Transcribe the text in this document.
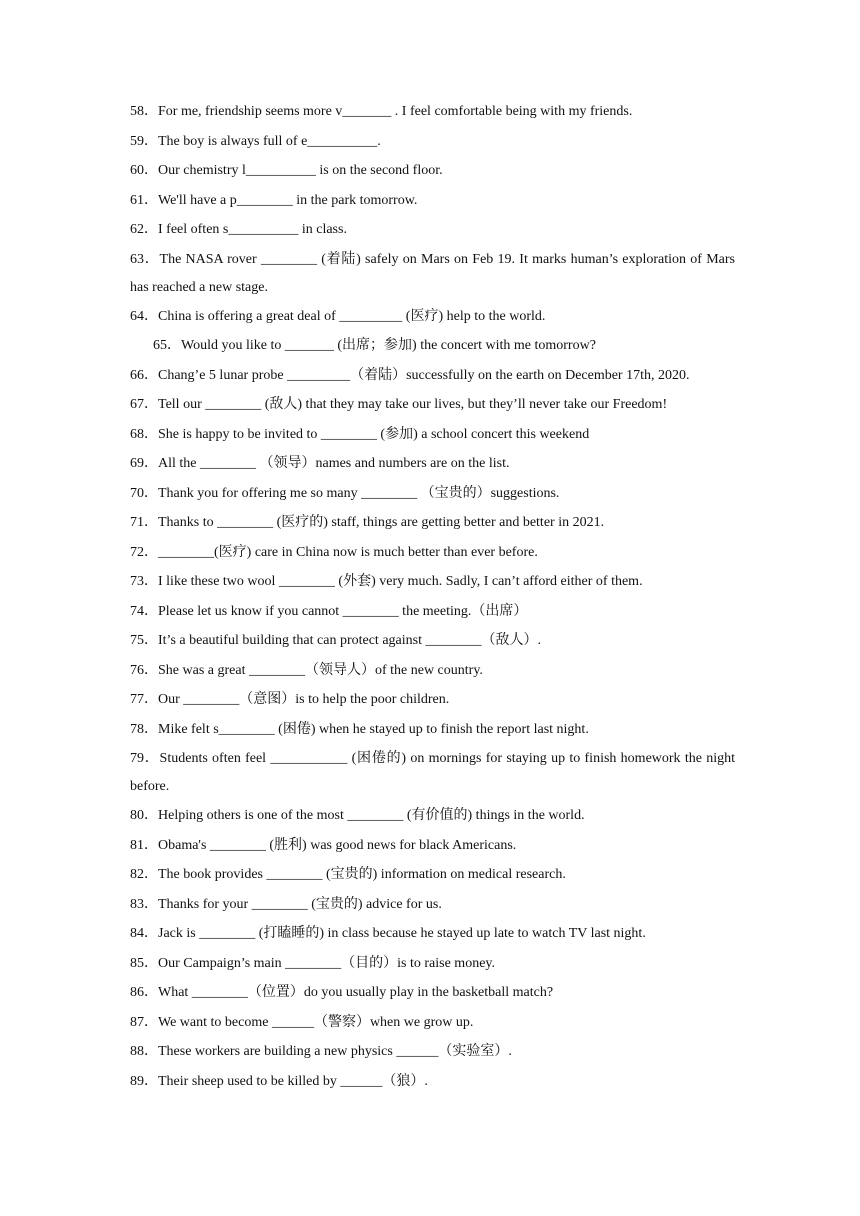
58．For me, friendship seems more v_______ . I feel comfortable being with my friends.

59．The boy is always full of e__________.

60．Our chemistry l__________ is on the second floor.

61．We'll have a p________ in the park tomorrow.

62．I feel often s__________ in class.

63．The NASA rover ________ (着陆) safely on Mars on Feb 19. It marks human’s exploration of Mars has reached a new stage.

64．China is offering a great deal of _________ (医疗) help to the world.

65．Would you like to _______ (出席；参加) the concert with me tomorrow?

66．Chang’e 5 lunar probe _________（着陆）successfully on the earth on December 17th, 2020.

67．Tell our ________ (敌人) that they may take our lives, but they’ll never take our Freedom!

68．She is happy to be invited to ________ (参加) a school concert this weekend

69．All the ________ （领导）names and numbers are on the list.

70．Thank you for offering me so many ________ （宝贵的）suggestions.

71．Thanks to ________ (医疗的) staff, things are getting better and better in 2021.

72．________(医疗) care in China now is much better than ever before.

73．I like these two wool ________ (外套) very much. Sadly, I can’t afford either of them.

74．Please let us know if you cannot ________ the meeting.（出席）

75．It’s a beautiful building that can protect against ________（敌人）.

76．She was a great ________（领导人）of the new country.

77．Our ________（意图）is to help the poor children.

78．Mike felt s________ (困倦) when he stayed up to finish the report last night.

79．Students often feel ___________ (困倦的) on mornings for staying up to finish homework the night before.

80．Helping others is one of the most ________ (有价值的) things in the world.

81．Obama's ________ (胜利) was good news for black Americans.

82．The book provides ________ (宝贵的) information on medical research.

83．Thanks for your ________ (宝贵的) advice for us.

84．Jack is ________ (打瞌睡的) in class because he stayed up late to watch TV last night.

85．Our Campaign’s main ________（目的）is to raise money.

86．What ________（位置）do you usually play in the basketball match?

87．We want to become ______（警察）when we grow up.

88．These workers are building a new physics ______（实验室）.

89．Their sheep used to be killed by ______（狼）.
